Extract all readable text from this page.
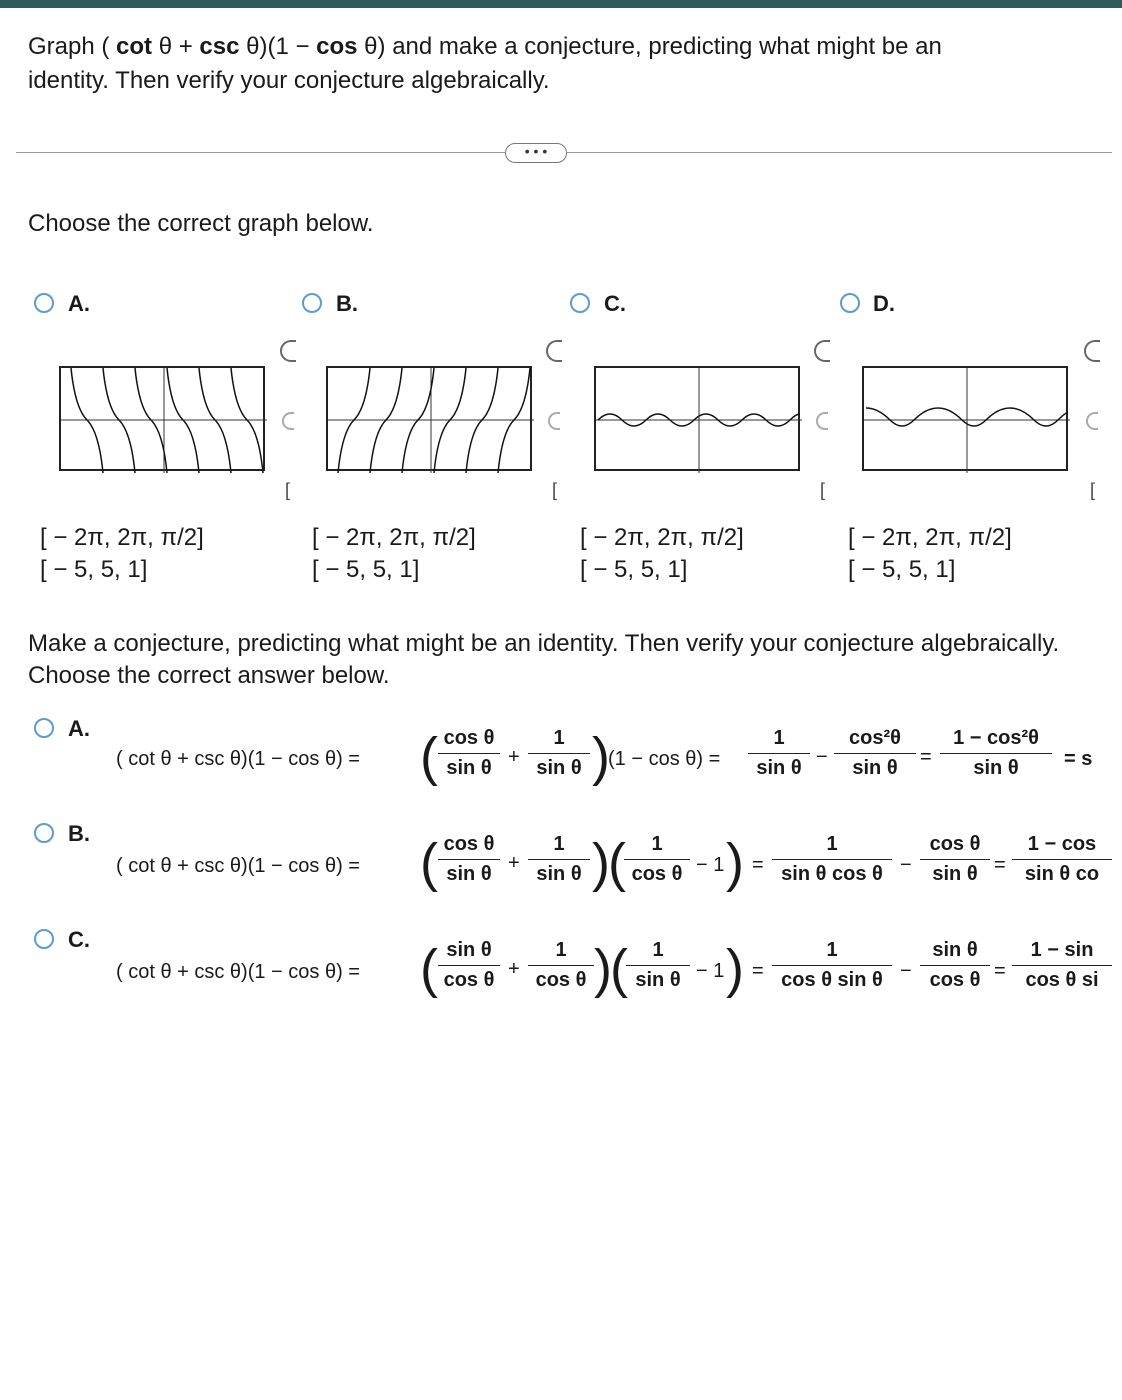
Graph ( cot θ + csc θ)(1 − cos θ) and make a conjecture, predicting what might be an
identity. Then verify your conjecture algebraically.
• • •
Choose the correct graph below.
A.
[ − 2π, 2π, π/2]
[ − 5, 5, 1]
[
B.
[ − 2π, 2π, π/2]
[ − 5, 5, 1]
[
C.
[ − 2π, 2π, π/2]
[ − 5, 5, 1]
[
D.
[ − 2π, 2π, π/2]
[ − 5, 5, 1]
[
Make a conjecture, predicting what might be an identity. Then verify your conjecture algebraically. Choose the correct answer below.
A.
( cot θ + csc θ)(1 − cos θ) = ( $\frac{\text{cos θ}}{\text{sin θ}} + \frac{1}{\text{sin θ}}$ )
$(1 - \cos \theta) = \frac{1}{\text{sin θ}} - \frac{\text{cos²θ}}{\text{sin θ}} = \frac{\text{1 − cos²θ}}{\text{sin θ}} = s$
B.
( cot θ + csc θ)(1 − cos θ) = ( $\frac{\text{cos θ}}{\text{sin θ}} + \frac{1}{\text{sin θ}}$ )
(
$\frac{1}{\text{cos θ}} - 1$ ) = $\frac{1}{\text{sin θ cos θ}} - \frac{\text{cos θ}}{\text{sin θ}} = \frac{1 - \cos}{\text{sin θ co}}$
C.
( cot θ + csc θ)(1 − cos θ) = ( $\frac{\text{sin θ}}{\text{cos θ}} + \frac{1}{\text{cos θ}}$ )
(
$\frac{1}{\text{sin θ}} - 1$ ) = $\frac{1}{\text{cos θ sin θ}} - \frac{\text{sin θ}}{\text{cos θ}} = \frac{1 - \sin}{\text{cos θ si}}$
